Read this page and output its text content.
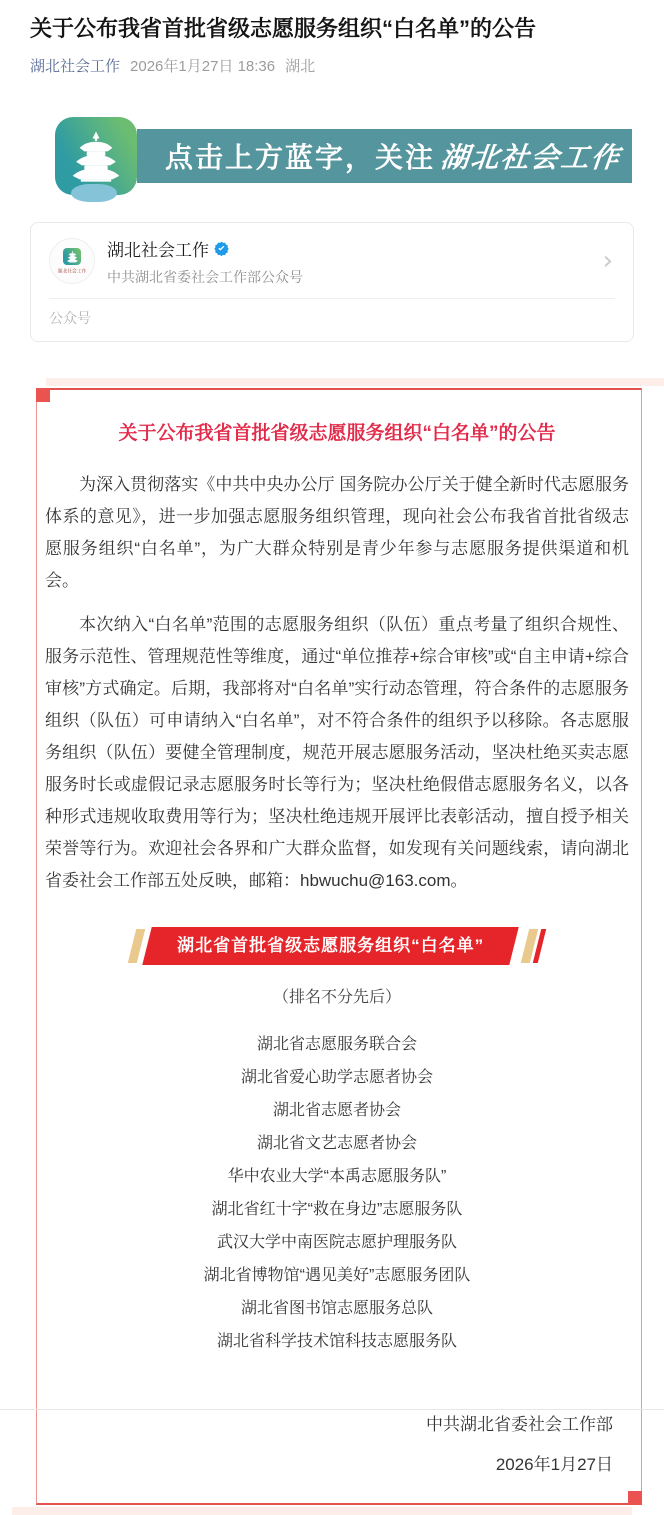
关于公布我省首批省级志愿服务组织“白名单”的公告
湖北社会工作 2026年1月27日 18:36 湖北
点击上方蓝字，关注 湖北社会工作
湖北社会工作
湖北社会工作
中共湖北省委社会工作部公众号
›
公众号
关于公布我省首批省级志愿服务组织“白名单”的公告

为深入贯彻落实《中共中央办公厅 国务院办公厅关于健全新时代志愿服务体系的意见》，进一步加强志愿服务组织管理，现向社会公布我省首批省级志愿服务组织“白名单”，为广大群众特别是青少年参与志愿服务提供渠道和机会。

本次纳入“白名单”范围的志愿服务组织（队伍）重点考量了组织合规性、服务示范性、管理规范性等维度，通过“单位推荐+综合审核”或“自主申请+综合审核”方式确定。后期，我部将对“白名单”实行动态管理，符合条件的志愿服务组织（队伍）可申请纳入“白名单”，对不符合条件的组织予以移除。各志愿服务组织（队伍）要健全管理制度，规范开展志愿服务活动，坚决杜绝买卖志愿服务时长或虚假记录志愿服务时长等行为；坚决杜绝假借志愿服务名义，以各种形式违规收取费用等行为；坚决杜绝违规开展评比表彰活动，擅自授予相关荣誉等行为。欢迎社会各界和广大群众监督，如发现有关问题线索，请向湖北省委社会工作部五处反映，邮箱：hbwuchu@163.com。

湖北省首批省级志愿服务组织“白名单”
（排名不分先后）
湖北省志愿服务联合会
湖北省爱心助学志愿者协会
湖北省志愿者协会
湖北省文艺志愿者协会
华中农业大学“本禹志愿服务队”
湖北省红十字“救在身边”志愿服务队
武汉大学中南医院志愿护理服务队
湖北省博物馆“遇见美好”志愿服务团队
湖北省图书馆志愿服务总队
湖北省科学技术馆科技志愿服务队
中共湖北省委社会工作部
2026年1月27日
